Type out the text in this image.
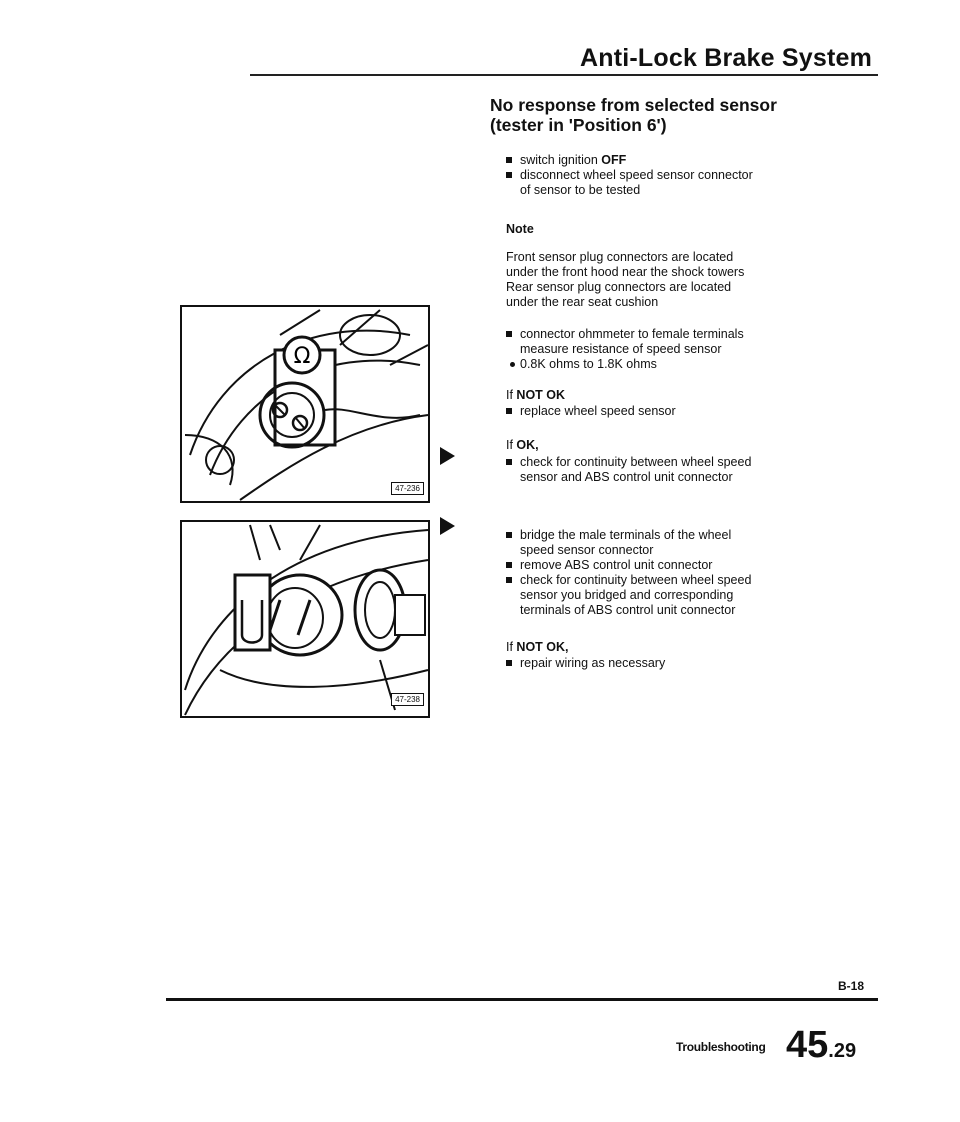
Anti-Lock Brake System
No response from selected sensor
(tester in 'Position 6')
switch ignition OFF
disconnect wheel speed sensor connector
of sensor to be tested
Note
Front sensor plug connectors are located
under the front hood near the shock towers
Rear sensor plug connectors are located
under the rear seat cushion
connector ohmmeter to female terminals
measure resistance of speed sensor
0.8K ohms to 1.8K ohms
If NOT OK
replace wheel speed sensor
If OK,
check for continuity between wheel speed
sensor and ABS control unit connector
bridge the male terminals of the wheel
speed sensor connector
remove ABS control unit connector
check for continuity between wheel speed
sensor you bridged and corresponding
terminals of ABS control unit connector
If NOT OK,
repair wiring as necessary
Ω
47-236
47-238
B-18
Troubleshooting 45.29
